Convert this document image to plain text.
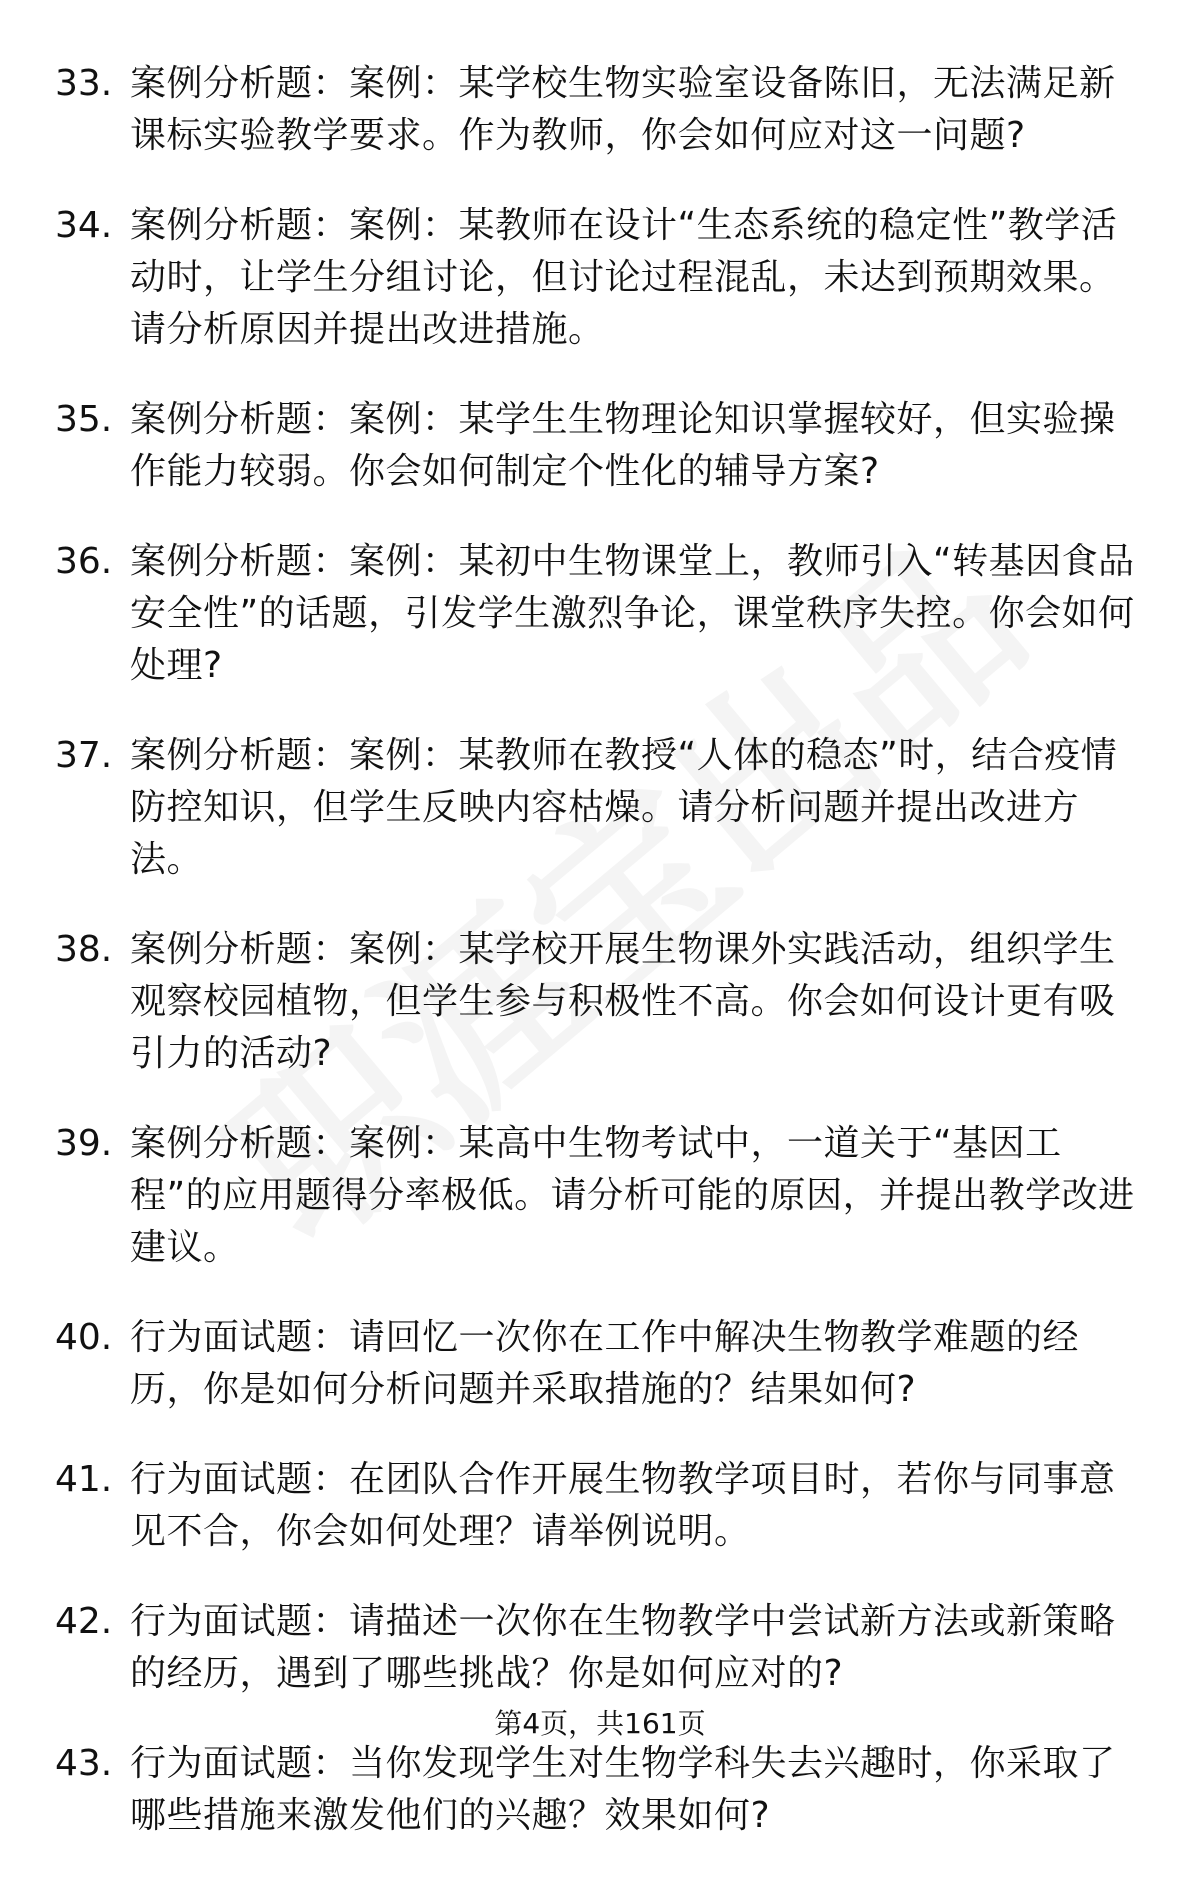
33. 案例分析题：案例：某学校生物实验室设备陈旧，无法满足新课标实验教学要求。作为教师，你会如何应对这一问题?
34. 案例分析题：案例：某教师在设计“生态系统的稳定性”教学活动时，让学生分组讨论，但讨论过程混乱，未达到预期效果。请分析原因并提出改进措施。
35. 案例分析题：案例：某学生生物理论知识掌握较好，但实验操作能力较弱。你会如何制定个性化的辅导方案?
36. 案例分析题：案例：某初中生物课堂上，教师引入“转基因食品安全性”的话题，引发学生激烈争论，课堂秩序失控。你会如何处理?
37. 案例分析题：案例：某教师在教授“人体的稳态”时，结合疫情防控知识，但学生反映内容枯燥。请分析问题并提出改进方法。
38. 案例分析题：案例：某学校开展生物课外实践活动，组织学生观察校园植物，但学生参与积极性不高。你会如何设计更有吸引力的活动?
39. 案例分析题：案例：某高中生物考试中，一道关于“基因工程”的应用题得分率极低。请分析可能的原因，并提出教学改进建议。
40. 行为面试题：请回忆一次你在工作中解决生物教学难题的经历，你是如何分析问题并采取措施的？结果如何?
41. 行为面试题：在团队合作开展生物教学项目时，若你与同事意见不合，你会如何处理？请举例说明。
42. 行为面试题：请描述一次你在生物教学中尝试新方法或新策略的经历，遇到了哪些挑战？你是如何应对的?
43. 行为面试题：当你发现学生对生物学科失去兴趣时，你采取了哪些措施来激发他们的兴趣？效果如何?
第4页，共161页
